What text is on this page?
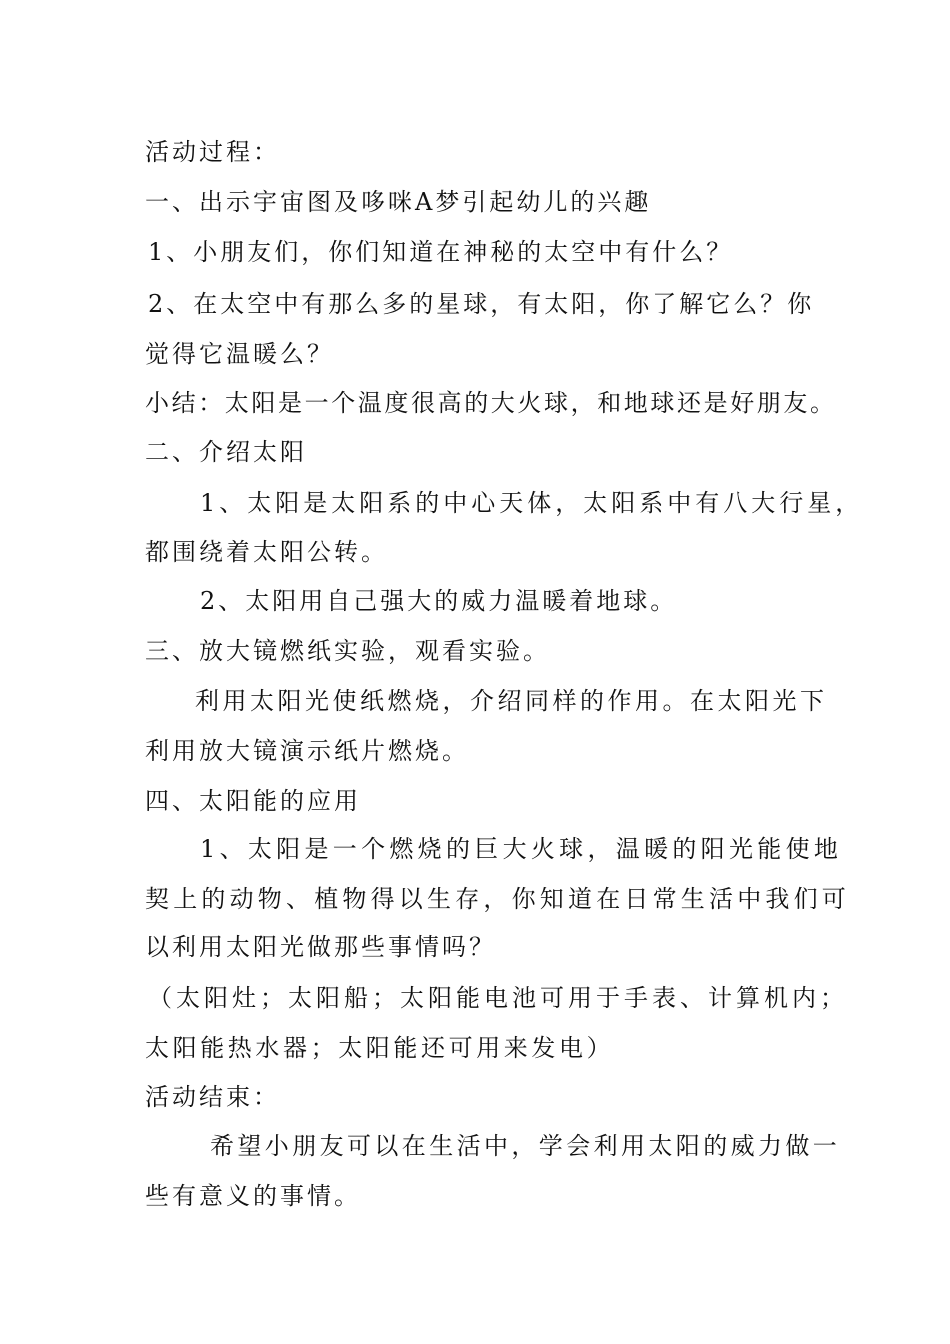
活动过程：

一、出示宇宙图及哆咪A梦引起幼儿的兴趣

1、小朋友们，你们知道在神秘的太空中有什么？

2、在太空中有那么多的星球，有太阳，你了解它么？你

觉得它温暖么？

小结：太阳是一个温度很高的大火球，和地球还是好朋友。

二、介绍太阳

1、太阳是太阳系的中心天体，太阳系中有八大行星，

都围绕着太阳公转。

2、太阳用自己强大的威力温暖着地球。

三、放大镜燃纸实验，观看实验。

利用太阳光使纸燃烧，介绍同样的作用。在太阳光下

利用放大镜演示纸片燃烧。

四、太阳能的应用

1、太阳是一个燃烧的巨大火球，温暖的阳光能使地

契上的动物、植物得以生存，你知道在日常生活中我们可

以利用太阳光做那些事情吗？

（太阳灶；太阳船；太阳能电池可用于手表、计算机内；

太阳能热水器；太阳能还可用来发电）

活动结束：

希望小朋友可以在生活中，学会利用太阳的威力做一

些有意义的事情。
